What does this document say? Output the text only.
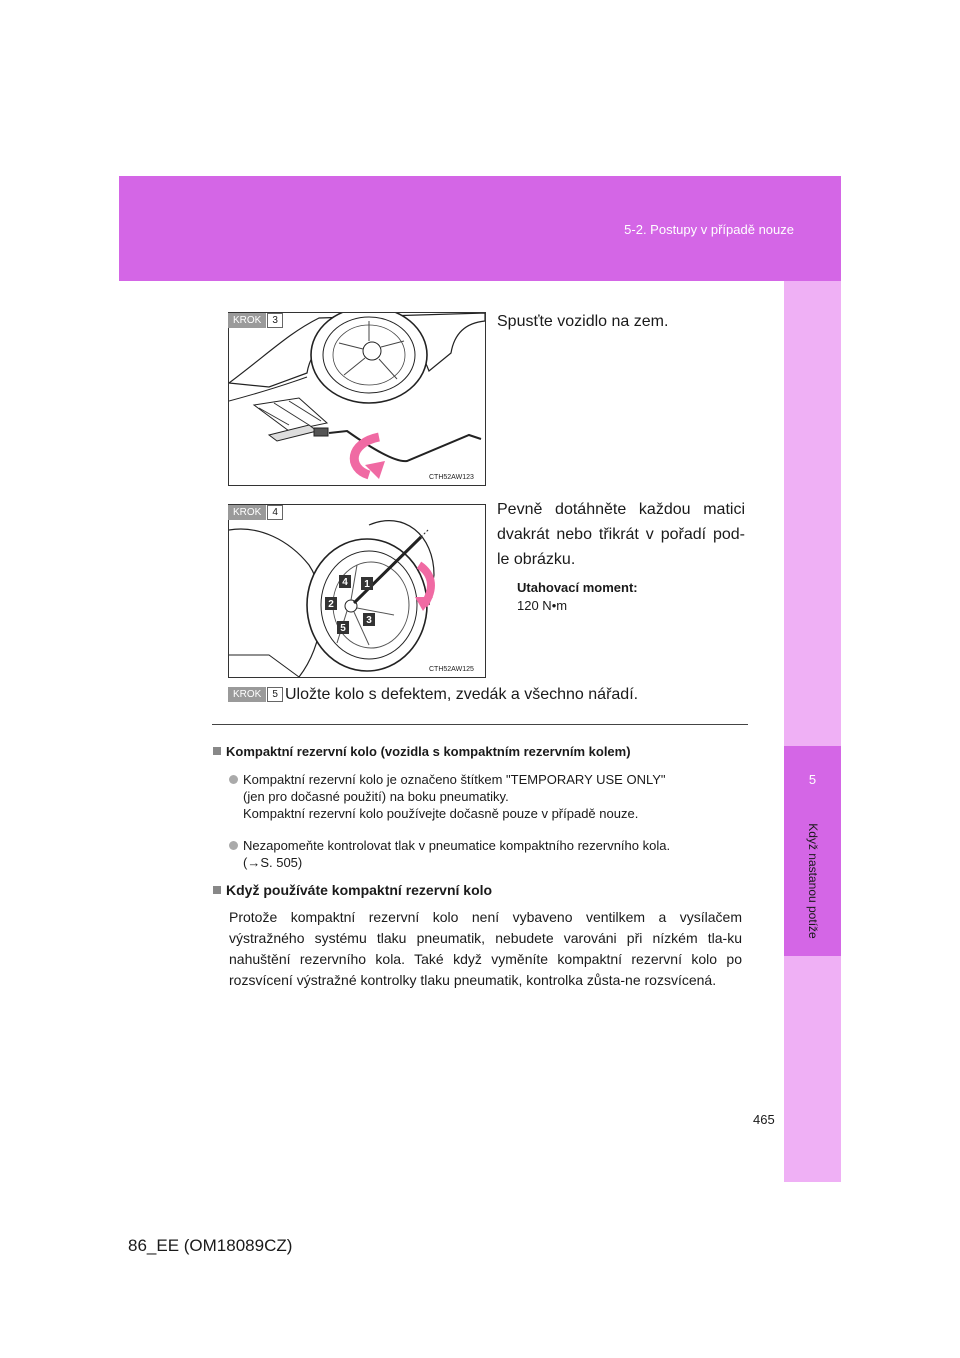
5-2. Postupy v případě nouze
5
Když nastanou potíže
CTH52AW123
KROK	3	Spusťte vozidlo na zem.
1
2
3
4
5
CTH52AW125
KROK	4	Pevně dotáhněte každou matici dvakrát nebo třikrát v pořadí pod-le obrázku.
Utahovací moment:
120 N•m
KROK	5 Uložte kolo s defektem, zvedák a všechno nářadí.
Kompaktní rezervní kolo (vozidla s kompaktním rezervním kolem)
Kompaktní rezervní kolo je označeno štítkem "TEMPORARY USE ONLY"
(jen pro dočasné použití) na boku pneumatiky.
Kompaktní rezervní kolo používejte dočasně pouze v případě nouze.
Nezapomeňte kontrolovat tlak v pneumatice kompaktního rezervního kola.
(→S. 505)
Když používáte kompaktní rezervní kolo
Protože kompaktní rezervní kolo není vybaveno ventilkem a vysílačem výstražného systému tlaku pneumatik, nebudete varováni při nízkém tla-ku nahuštění rezervního kola. Také když vyměníte kompaktní rezervní kolo po rozsvícení výstražné kontrolky tlaku pneumatik, kontrolka zůsta-ne rozsvícená.
465
86_EE (OM18089CZ)
